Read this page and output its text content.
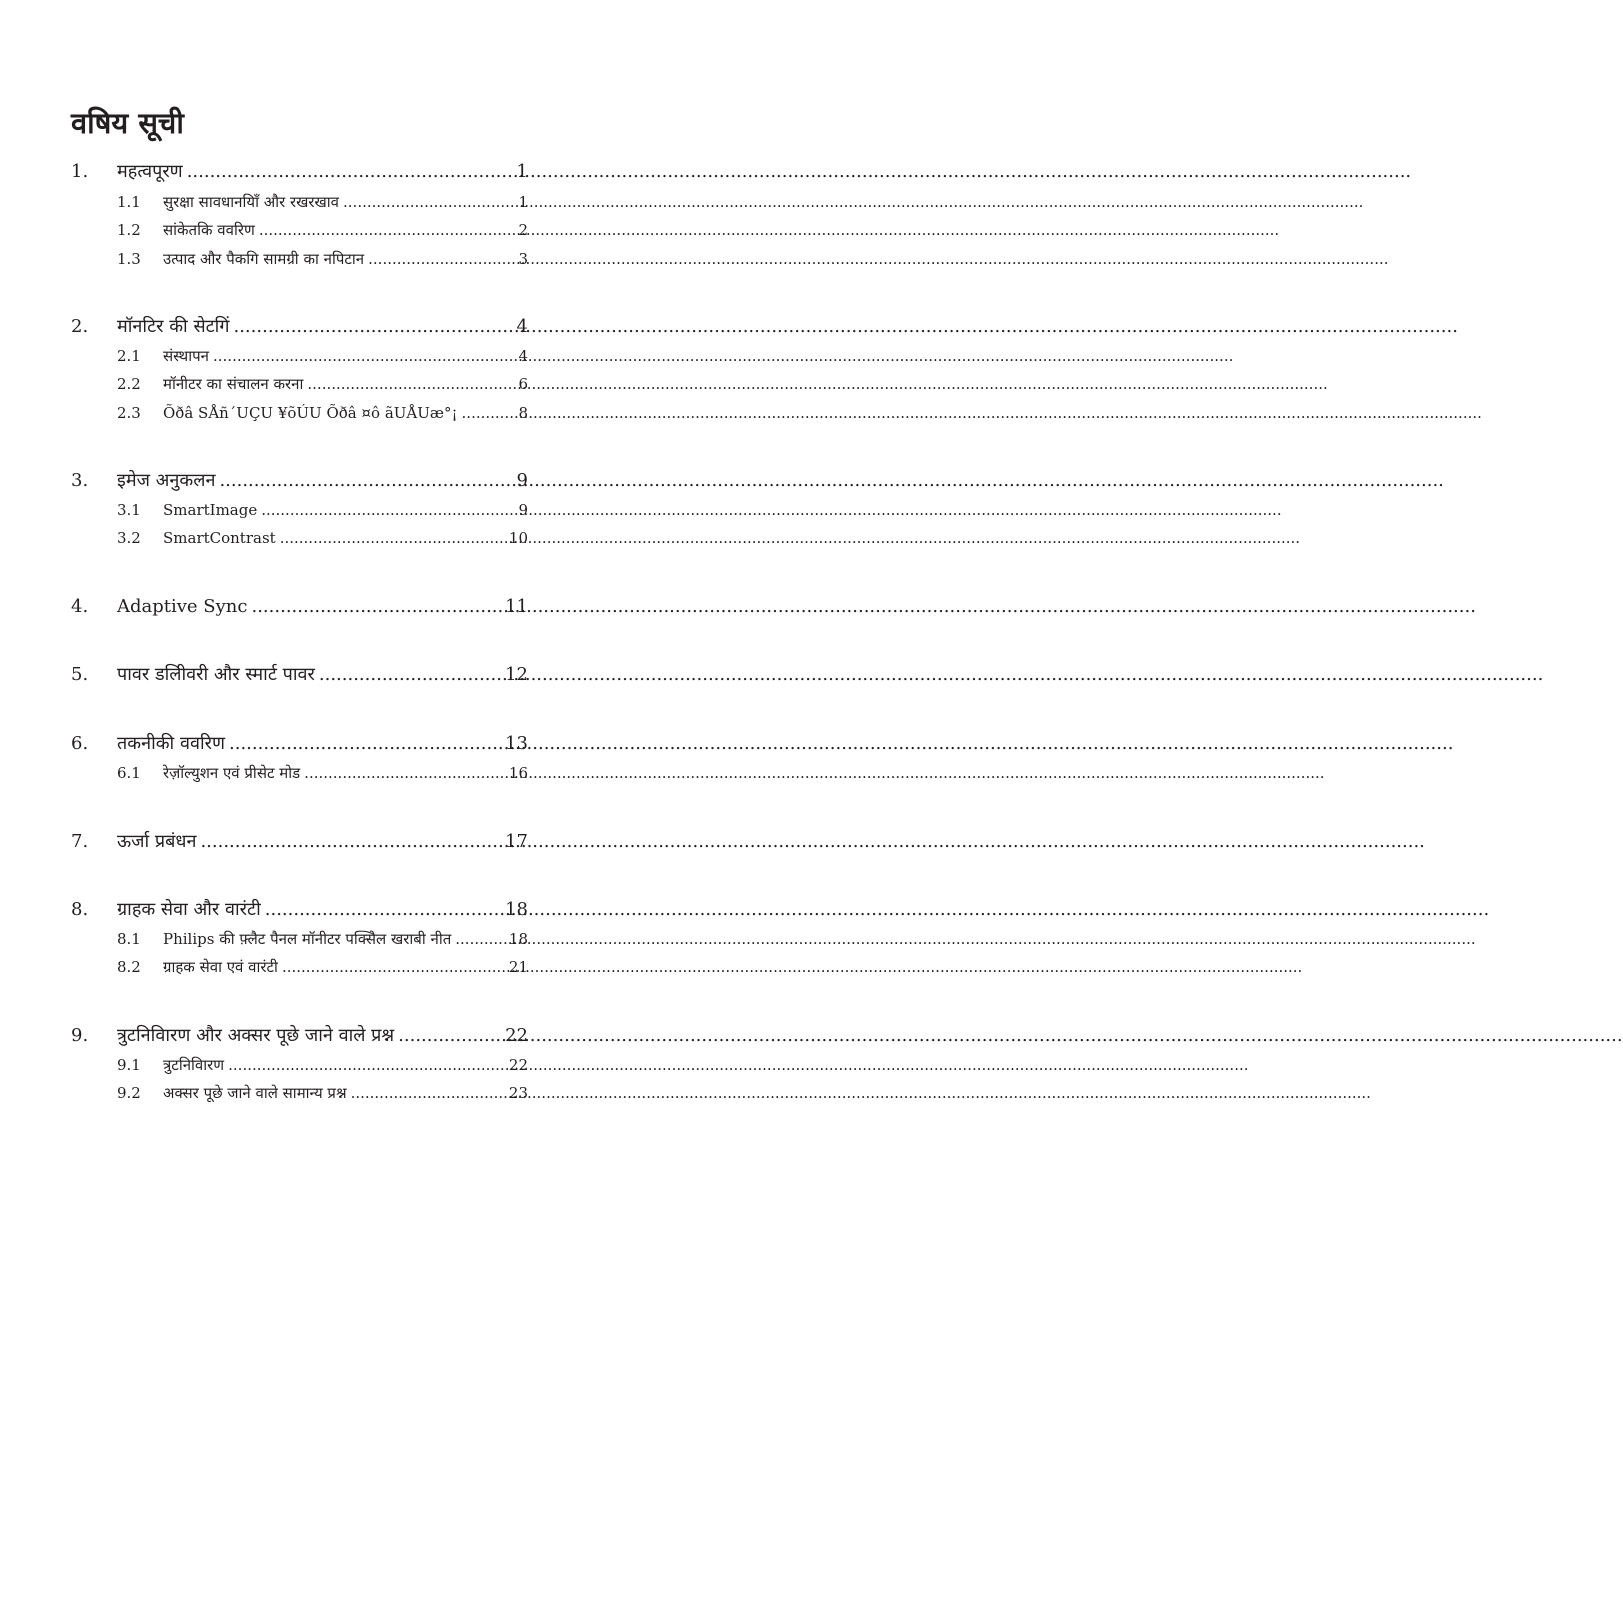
वषिय सूची
1.	महत्वपूरण .....	1
1.1	सुरक्षा सावधानयिाँ और रखरखाव .....	1
1.2	सांकेतकि ववरिण .....	2
1.3	उत्पाद और पैकगि सामग्री का नपिटान .....	3
2.	मॉनटिर की सेटगिं .....	4
2.1	संस्थापन .....	4
2.2	मॉनीटर का संचालन करना .....	6
2.3	Õðâ SÅñ´UÇU ¥õÚU Õðâ ¤ô ãUÅUæ°¡ .....	8
3.	इमेज अनुकलन .....	9
3.1	SmartImage .....	9
3.2	SmartContrast .....	10
4.	Adaptive Sync .....	11
5.	पावर डलिीवरी और स्मार्ट पावर .....	12
6.	तकनीकी ववरिण .....	13
6.1	रेज़ॉल्युशन एवं प्रीसेट मोड .....	16
7.	ऊर्जा प्रबंधन .....	17
8.	ग्राहक सेवा और वारंटी .....	18
8.1	Philips की फ़्लैट पैनल मॉनीटर पक्सिेल खराबी नीत .....	18
8.2	ग्राहक सेवा एवं वारंटी .....	21
9.	त्रुटनिविारण और अक्सर पूछे जाने वाले प्रश्न .....	22
9.1	त्रुटनिविारण .....	22
9.2	अक्सर पूछे जाने वाले सामान्य प्रश्न .....	23
